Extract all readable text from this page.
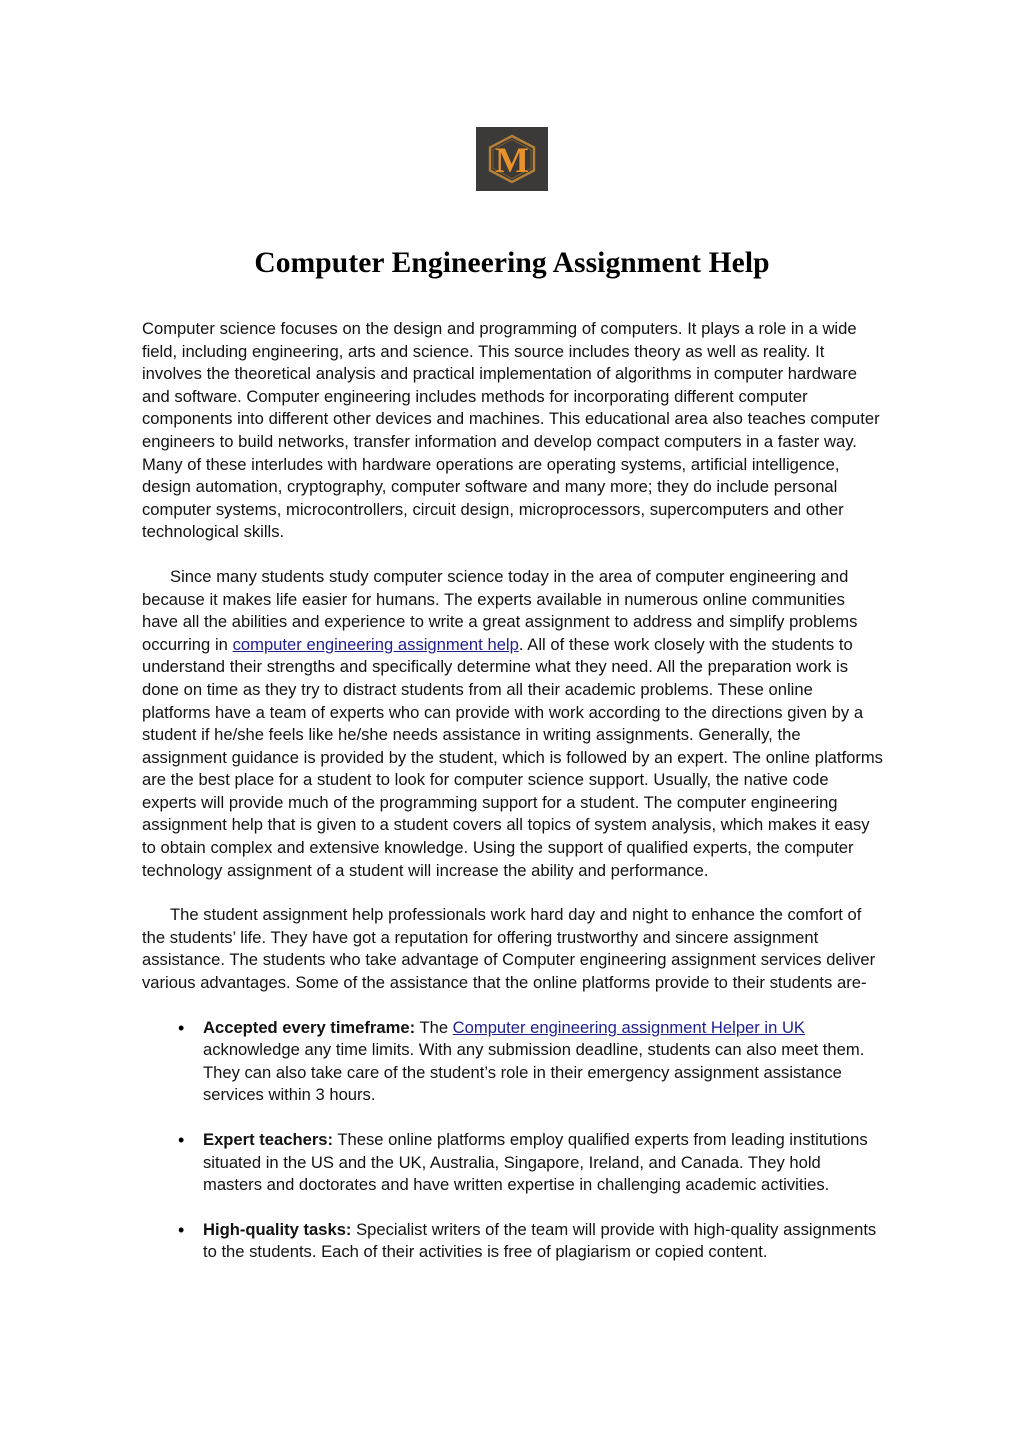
M
Computer Engineering Assignment Help

Computer science focuses on the design and programming of computers. It plays a role in a wide field, including engineering, arts and science. This source includes theory as well as reality. It involves the theoretical analysis and practical implementation of algorithms in computer hardware and software. Computer engineering includes methods for incorporating different computer components into different other devices and machines. This educational area also teaches computer engineers to build networks, transfer information and develop compact computers in a faster way. Many of these interludes with hardware operations are operating systems, artificial intelligence, design automation, cryptography, computer software and many more; they do include personal computer systems, microcontrollers, circuit design, microprocessors, supercomputers and other technological skills.

Since many students study computer science today in the area of computer engineering and because it makes life easier for humans. The experts available in numerous online communities have all the abilities and experience to write a great assignment to address and simplify problems occurring in computer engineering assignment help. All of these work closely with the students to understand their strengths and specifically determine what they need. All the preparation work is done on time as they try to distract students from all their academic problems. These online platforms have a team of experts who can provide with work according to the directions given by a student if he/she feels like he/she needs assistance in writing assignments. Generally, the assignment guidance is provided by the student, which is followed by an expert. The online platforms are the best place for a student to look for computer science support. Usually, the native code experts will provide much of the programming support for a student. The computer engineering assignment help that is given to a student covers all topics of system analysis, which makes it easy to obtain complex and extensive knowledge. Using the support of qualified experts, the computer technology assignment of a student will increase the ability and performance.

The student assignment help professionals work hard day and night to enhance the comfort of the students’ life. They have got a reputation for offering trustworthy and sincere assignment assistance. The students who take advantage of Computer engineering assignment services deliver various advantages. Some of the assistance that the online platforms provide to their students are-

• Accepted every timeframe: The Computer engineering assignment Helper in UK acknowledge any time limits. With any submission deadline, students can also meet them. They can also take care of the student’s role in their emergency assignment assistance services within 3 hours.
• Expert teachers: These online platforms employ qualified experts from leading institutions situated in the US and the UK, Australia, Singapore, Ireland, and Canada. They hold masters and doctorates and have written expertise in challenging academic activities.
• High-quality tasks: Specialist writers of the team will provide with high-quality assignments to the students. Each of their activities is free of plagiarism or copied content.
